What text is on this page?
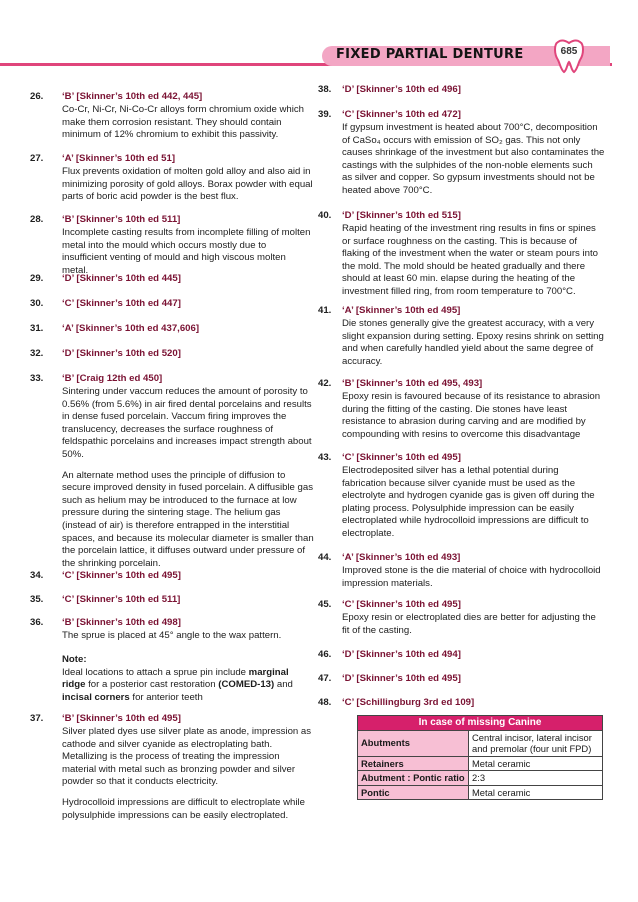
FIXED PARTIAL DENTURE	685
26. ‘B’ [Skinner’s 10th ed 442, 445]

Co-Cr, Ni-Cr, Ni-Co-Cr alloys form chromium oxide which make them corrosion resistant. They should contain minimum of 12% chromium to exhibit this passivity.

27. ‘A’ [Skinner’s 10th ed 51]

Flux prevents oxidation of molten gold alloy and also aid in minimizing porosity of gold alloys. Borax powder with equal parts of boric acid powder is the best flux.

28. ‘B’ [Skinner’s 10th ed 511]

Incomplete casting results from incomplete filling of molten metal into the mould which occurs mostly due to insufficient venting of mould and high viscous molten metal.

29. ‘D’ [Skinner’s 10th ed 445]
30. ‘C’ [Skinner’s 10th ed 447]
31. ‘A’ [Skinner’s 10th ed 437,606]
32. ‘D’ [Skinner’s 10th ed 520]
33. ‘B’ [Craig 12th ed 450]

Sintering under vaccum reduces the amount of porosity to 0.56% (from 5.6%) in air fired dental porcelains and results in dense fused porcelain. Vaccum firing improves the translucency, decreases the surface roughness of feldspathic porcelains and increases impact strength about 50%.

An alternate method uses the principle of diffusion to secure improved density in fused porcelain. A diffusible gas such as helium may be introduced to the furnace at low pressure during the sintering stage. The helium gas (instead of air) is therefore entrapped in the interstitial spaces, and because its molecular diameter is smaller than the porcelain lattice, it diffuses outward under pressure of the shrinking porcelain.

34. ‘C’ [Skinner’s 10th ed 495]
35. ‘C’ [Skinner’s 10th ed 511]
36. ‘B’ [Skinner’s 10th ed 498]

The sprue is placed at 45° angle to the wax pattern.

Note:

Ideal locations to attach a sprue pin include marginal ridge for a posterior cast restoration (COMED-13) and incisal corners for anterior teeth

37. ‘B’ [Skinner’s 10th ed 495]

Silver plated dyes use silver plate as anode, impression as cathode and silver cyanide as electroplating bath. Metallizing is the process of treating the impression material with metal such as bronzing powder and silver powder so that it conducts electricity.

Hydrocolloid impressions are difficult to electroplate while polysulphide impressions can be easily electroplated.

38. ‘D’ [Skinner’s 10th ed 496]
39. ‘C’ [Skinner’s 10th ed 472]

If gypsum investment is heated about 700°C, decomposition of CaSo₄ occurs with emission of SO₂ gas. This not only causes shrinkage of the investment but also contaminates the castings with the sulphides of the non-noble elements such as silver and copper. So gypsum investments should not be heated above 700°C.

40. ‘D’ [Skinner’s 10th ed 515]

Rapid heating of the investment ring results in fins or spines or surface roughness on the casting. This is because of flaking of the investment when the water or steam pours into the mold. The mold should be heated gradually and there should at least 60 min. elapse during the heating of the investment filled ring, from room temperature to 700°C.

41. ‘A’ [Skinner’s 10th ed 495]

Die stones generally give the greatest accuracy, with a very slight expansion during setting. Epoxy resins shrink on setting and when carefully handled yield about the same degree of accuracy.

42. ‘B’ [Skinner’s 10th ed 495, 493]

Epoxy resin is favoured because of its resistance to abrasion during the fitting of the casting. Die stones have least resistance to abrasion during carving and are modified by compounding with resins to overcome this disadvantage

43. ‘C’ [Skinner’s 10th ed 495]

Electrodeposited silver has a lethal potential during fabrication because silver cyanide must be used as the electrolyte and hydrogen cyanide gas is given off during the plating process. Polysulphide impression can be easily electroplated while hydrocolloid impressions are difficult to electroplate.

44. ‘A’ [Skinner’s 10th ed 493]

Improved stone is the die material of choice with hydrocolloid impression materials.

45. ‘C’ [Skinner’s 10th ed 495]

Epoxy resin or electroplated dies are better for adjusting the fit of the casting.

46. ‘D’ [Skinner’s 10th ed 494]
47. ‘D’ [Skinner’s 10th ed 495]
48. ‘C’ [Schillingburg 3rd ed 109]
In case of missing Canine	
Abutments	Central incisor, lateral incisor and premolar (four unit FPD)
Retainers	Metal ceramic
Abutment : Pontic ratio	2:3
Pontic	Metal ceramic
